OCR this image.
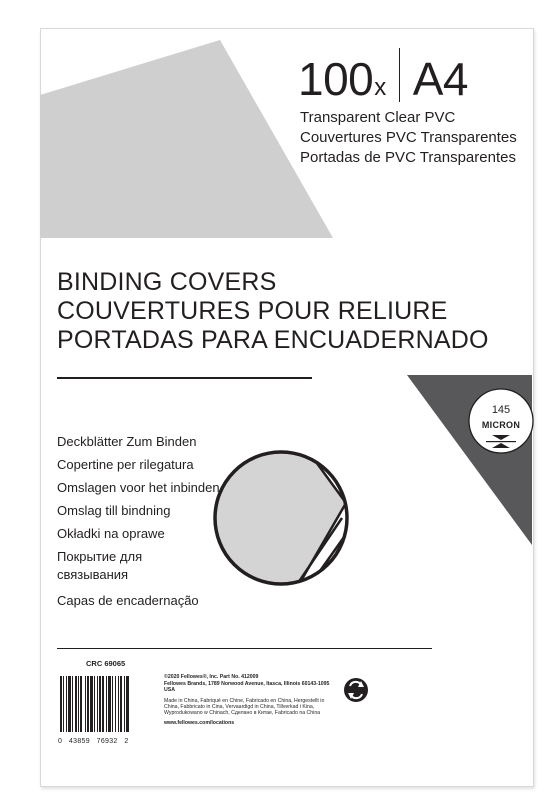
100 x A4
Transparent Clear PVC
Couvertures PVC Transparentes
Portadas de PVC Transparentes
BINDING COVERS
COUVERTURES POUR RELIURE
PORTADAS PARA ENCUADERNADO
Deckblätter Zum Binden
Copertine per rilegatura
Omslagen voor het inbinden
Omslag till bindning
Okładki na oprawe
Покрытие для связывания
Capas de encadernação
145
MICRON
CRC 69065
0   43859   76932   2

©2020 Fellowes®, Inc. Part No. 412009

Fellowes Brands, 1789 Norwood Avenue, Itasca, Illinois 60143-1095 USA

Made in China, Fabriqué en Chine, Fabricado en China, Hergestellt in China, Fabbricato in Cina, Vervaardigd in China, Tillverkad i Kina, Wyprodukowano w Chinach, Сделано в Китае, Fabricado na China

www.fellowes.com/locations
